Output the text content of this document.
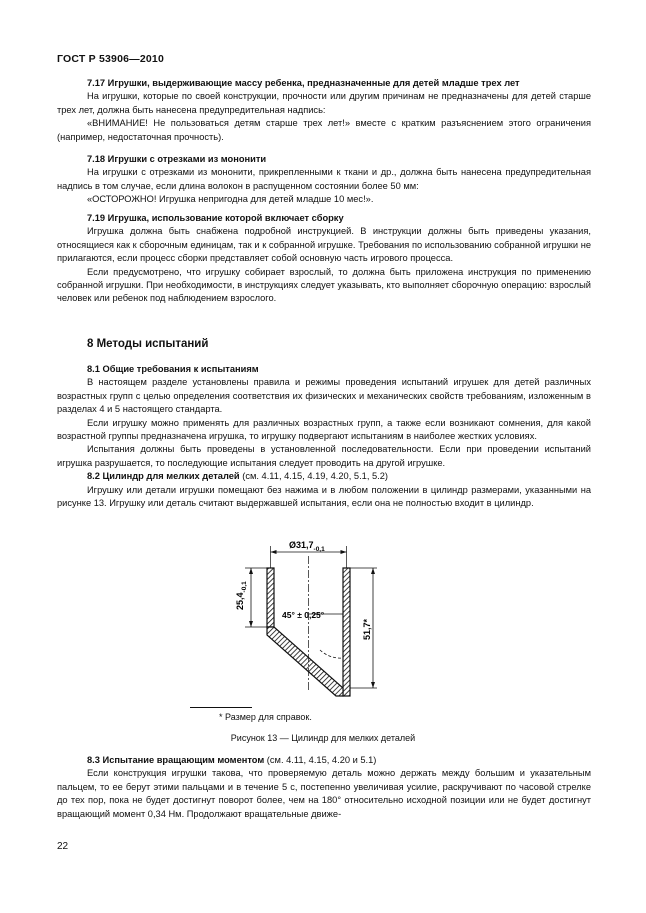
ГОСТ Р 53906—2010

7.17 Игрушки, выдерживающие массу ребенка, предназначенные для детей младше трех лет

На игрушки, которые по своей конструкции, прочности или другим причинам не предназначены для детей старше трех лет, должна быть нанесена предупредительная надпись:

«ВНИМАНИЕ! Не пользоваться детям старше трех лет!» вместе с кратким разъяснением этого ограничения (например, недостаточная прочность).

7.18 Игрушки с отрезками из мононити

На игрушки с отрезками из мононити, прикрепленными к ткани и др., должна быть нанесена предупредительная надпись в том случае, если длина волокон в распущенном состоянии более 50 мм:

«ОСТОРОЖНО! Игрушка непригодна для детей младше 10 мес!».

7.19 Игрушка, использование которой включает сборку

Игрушка должна быть снабжена подробной инструкцией. В инструкции должны быть приведены указания, относящиеся как к сборочным единицам, так и к собранной игрушке. Требования по использованию собранной игрушки не прилагаются, если процесс сборки представляет собой основную часть игрового процесса.

Если предусмотрено, что игрушку собирает взрослый, то должна быть приложена инструкция по применению собранной игрушки. При необходимости, в инструкциях следует указывать, кто выполняет сборочную операцию: взрослый человек или ребенок под наблюдением взрослого.

8 Методы испытаний

8.1 Общие требования к испытаниям

В настоящем разделе установлены правила и режимы проведения испытаний игрушек для детей различных возрастных групп с целью определения соответствия их физических и механических свойств требованиям, изложенным в разделах 4 и 5 настоящего стандарта.

Если игрушку можно применять для различных возрастных групп, а также если возникают сомнения, для какой возрастной группы предназначена игрушка, то игрушку подвергают испытаниям в наиболее жестких условиях.

Испытания должны быть проведены в установленной последовательности. Если при проведении испытаний игрушка разрушается, то последующие испытания следует проводить на другой игрушке.

8.2 Цилиндр для мелких деталей (см. 4.11, 4.15, 4.19, 4.20, 5.1, 5.2)

Игрушку или детали игрушки помещают без нажима и в любом положении в цилиндр размерами, указанными на рисунке 13. Игрушку или деталь считают выдержавшей испытания, если она не полностью входит в цилиндр.

$Ø31,7_{-0,1}$
$25,4_{-0,1}$
45° ± 0,25°
51,7*
* Размер для справок.
Рисунок 13 — Цилиндр для мелких деталей

8.3 Испытание вращающим моментом (см. 4.11, 4.15, 4.20 и 5.1)

Если конструкция игрушки такова, что проверяемую деталь можно держать между большим и указательным пальцем, то ее берут этими пальцами и в течение 5 с, постепенно увеличивая усилие, раскручивают по часовой стрелке до тех пор, пока не будет достигнут поворот более, чем на 180° относительно исходной позиции или не будет достигнут вращающий момент 0,34 Нм. Продолжают вращательные движе-

22
